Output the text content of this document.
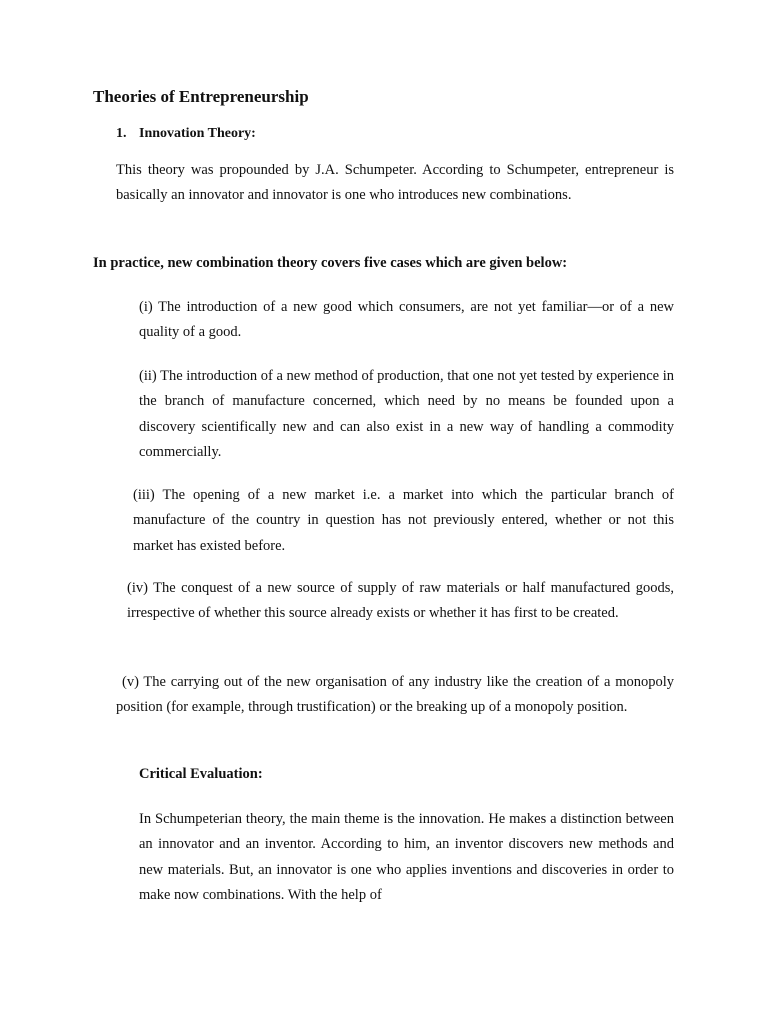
Theories of Entrepreneurship
1. Innovation Theory:

This theory was propounded by J.A. Schumpeter. According to Schumpeter, entrepreneur is basically an innovator and innovator is one who introduces new combinations.

In practice, new combination theory covers five cases which are given below:

(i) The introduction of a new good which consumers, are not yet familiar—or of a new quality of a good.

(ii) The introduction of a new method of production, that one not yet tested by experience in the branch of manufacture concerned, which need by no means be founded upon a discovery scientifically new and can also exist in a new way of handling a commodity commercially.

(iii) The opening of a new market i.e. a market into which the particular branch of manufacture of the country in question has not previously entered, whether or not this market has existed before.

(iv) The conquest of a new source of supply of raw materials or half manufactured goods, irrespective of whether this source already exists or whether it has first to be created.

(v) The carrying out of the new organisation of any industry like the creation of a monopoly position (for example, through trustification) or the breaking up of a monopoly position.

Critical Evaluation:

In Schumpeterian theory, the main theme is the innovation. He makes a distinction between an innovator and an inventor. According to him, an inventor discovers new methods and new materials. But, an innovator is one who applies inventions and discoveries in order to make now combinations. With the help of
